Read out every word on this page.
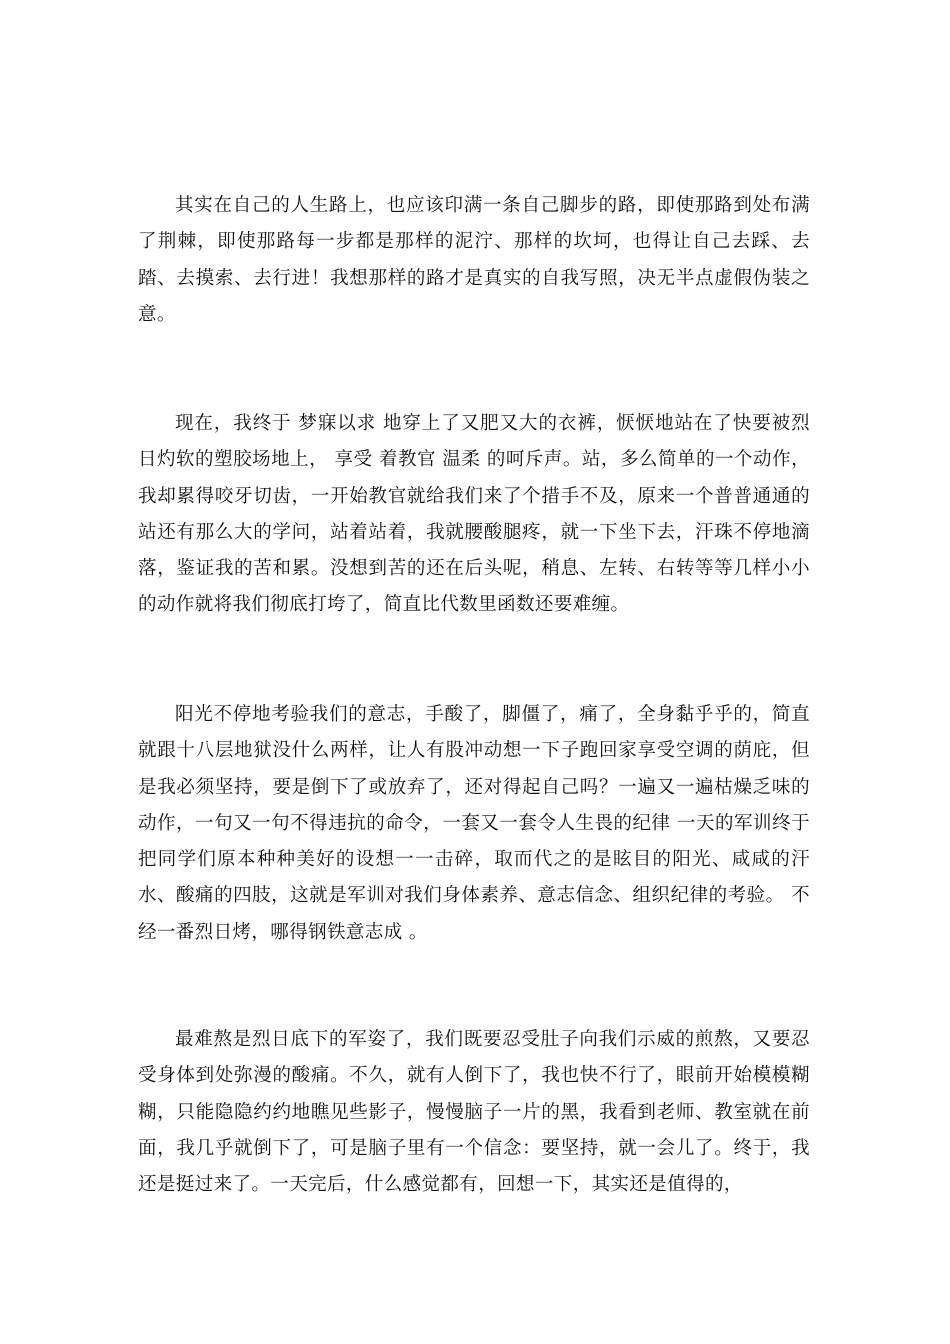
其实在自己的人生路上，也应该印满一条自己脚步的路，即使那路到处布满了荆棘，即使那路每一步都是那样的泥泞、那样的坎坷，也得让自己去踩、去踏、去摸索、去行进！我想那样的路才是真实的自我写照，决无半点虚假伪装之意。

现在，我终于 梦寐以求 地穿上了又肥又大的衣裤，恹恹地站在了快要被烈日灼软的塑胶场地上， 享受 着教官 温柔 的呵斥声。站，多么简单的一个动作，我却累得咬牙切齿，一开始教官就给我们来了个措手不及，原来一个普普通通的站还有那么大的学问，站着站着，我就腰酸腿疼，就一下坐下去，汗珠不停地滴落，鉴证我的苦和累。没想到苦的还在后头呢，稍息、左转、右转等等几样小小的动作就将我们彻底打垮了，简直比代数里函数还要难缠。

阳光不停地考验我们的意志，手酸了，脚僵了，痛了，全身黏乎乎的，简直就跟十八层地狱没什么两样，让人有股冲动想一下子跑回家享受空调的荫庇，但是我必须坚持，要是倒下了或放弃了，还对得起自己吗？一遍又一遍枯燥乏味的动作，一句又一句不得违抗的命令，一套又一套令人生畏的纪律 一天的军训终于把同学们原本种种美好的设想一一击碎，取而代之的是眩目的阳光、咸咸的汗水、酸痛的四肢，这就是军训对我们身体素养、意志信念、组织纪律的考验。 不经一番烈日烤，哪得钢铁意志成 。

最难熬是烈日底下的军姿了，我们既要忍受肚子向我们示威的煎熬，又要忍受身体到处弥漫的酸痛。不久，就有人倒下了，我也快不行了，眼前开始模模糊糊，只能隐隐约约地瞧见些影子，慢慢脑子一片的黑，我看到老师、教室就在前面，我几乎就倒下了，可是脑子里有一个信念：要坚持，就一会儿了。终于，我还是挺过来了。一天完后，什么感觉都有，回想一下，其实还是值得的，
